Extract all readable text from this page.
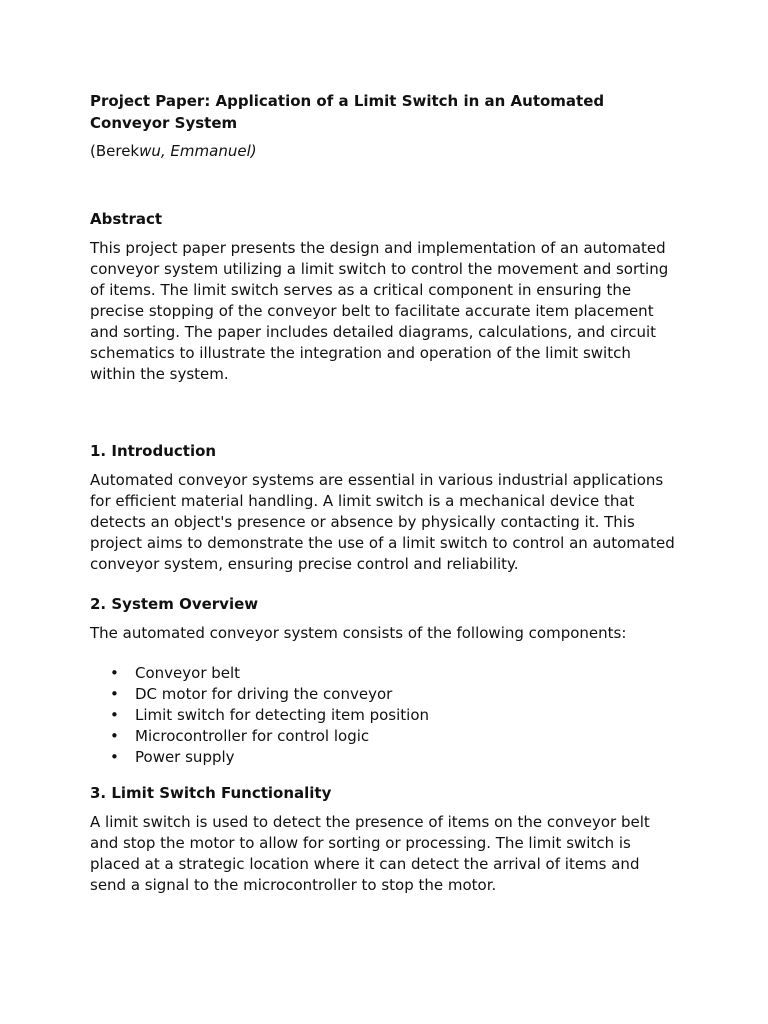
Project Paper: Application of a Limit Switch in an Automated Conveyor System

(Berekwu, Emmanuel)

Abstract

This project paper presents the design and implementation of an automated conveyor system utilizing a limit switch to control the movement and sorting of items. The limit switch serves as a critical component in ensuring the precise stopping of the conveyor belt to facilitate accurate item placement and sorting. The paper includes detailed diagrams, calculations, and circuit schematics to illustrate the integration and operation of the limit switch within the system.

1. Introduction

Automated conveyor systems are essential in various industrial applications for efficient material handling. A limit switch is a mechanical device that detects an object's presence or absence by physically contacting it. This project aims to demonstrate the use of a limit switch to control an automated conveyor system, ensuring precise control and reliability.

2. System Overview

The automated conveyor system consists of the following components:

• Conveyor belt
• DC motor for driving the conveyor
• Limit switch for detecting item position
• Microcontroller for control logic
• Power supply
3. Limit Switch Functionality

A limit switch is used to detect the presence of items on the conveyor belt and stop the motor to allow for sorting or processing. The limit switch is placed at a strategic location where it can detect the arrival of items and send a signal to the microcontroller to stop the motor.
